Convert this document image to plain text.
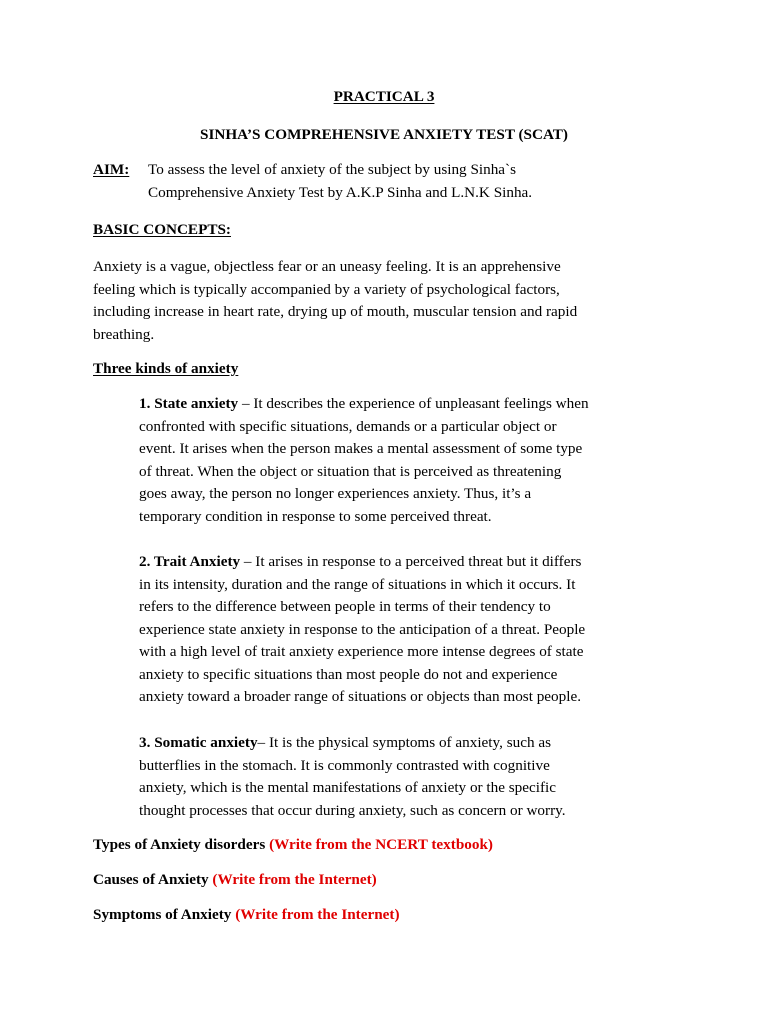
PRACTICAL 3
SINHA’S COMPREHENSIVE ANXIETY TEST (SCAT)
AIM: To assess the level of anxiety of the subject by using Sinha`s
Comprehensive Anxiety Test by A.K.P Sinha and L.N.K Sinha.
BASIC CONCEPTS:
Anxiety is a vague, objectless fear or an uneasy feeling. It is an apprehensive
feeling which is typically accompanied by a variety of psychological factors,
including increase in heart rate, drying up of mouth, muscular tension and rapid
breathing.
Three kinds of anxiety
1. State anxiety – It describes the experience of unpleasant feelings when
confronted with specific situations, demands or a particular object or
event. It arises when the person makes a mental assessment of some type
of threat. When the object or situation that is perceived as threatening
goes away, the person no longer experiences anxiety. Thus, it’s a
temporary condition in response to some perceived threat.
2. Trait Anxiety – It arises in response to a perceived threat but it differs
in its intensity, duration and the range of situations in which it occurs. It
refers to the difference between people in terms of their tendency to
experience state anxiety in response to the anticipation of a threat. People
with a high level of trait anxiety experience more intense degrees of state
anxiety to specific situations than most people do not and experience
anxiety toward a broader range of situations or objects than most people.
3. Somatic anxiety– It is the physical symptoms of anxiety, such as
butterflies in the stomach. It is commonly contrasted with cognitive
anxiety, which is the mental manifestations of anxiety or the specific
thought processes that occur during anxiety, such as concern or worry.
Types of Anxiety disorders (Write from the NCERT textbook)
Causes of Anxiety (Write from the Internet)
Symptoms of Anxiety (Write from the Internet)
